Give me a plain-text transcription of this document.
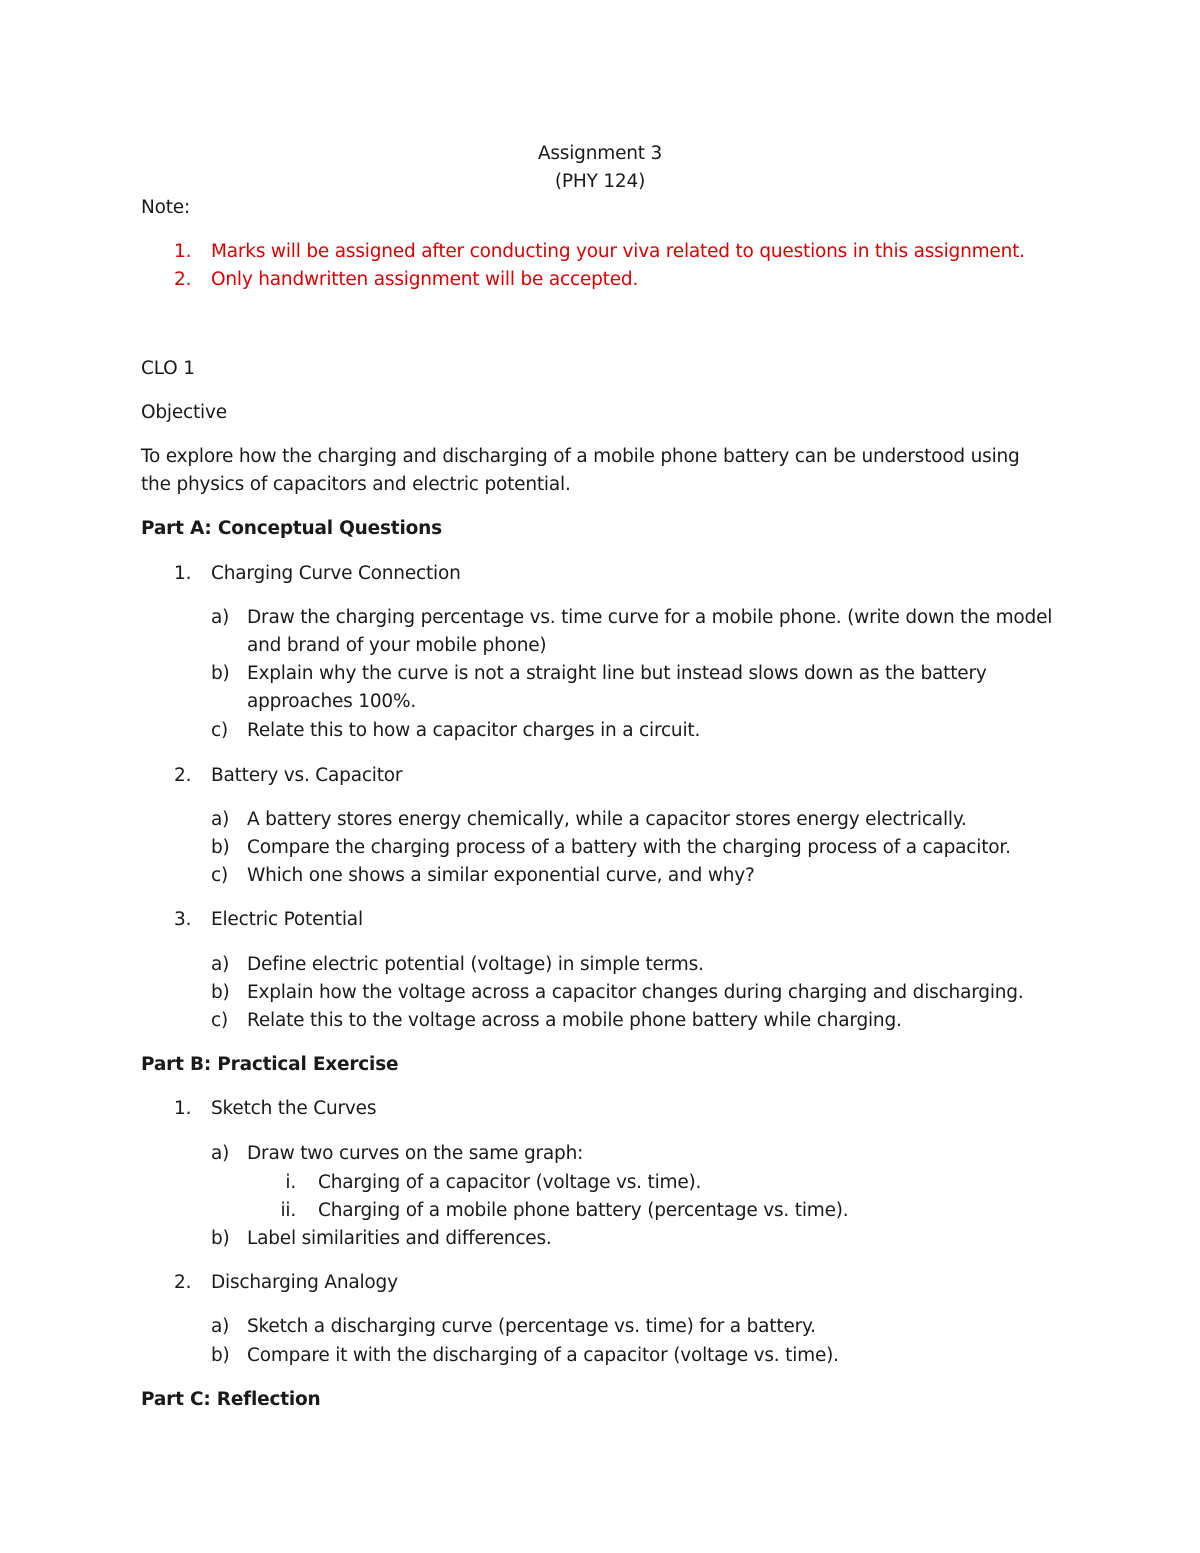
Assignment 3
(PHY 124)
Note:
1. Marks will be assigned after conducting your viva related to questions in this assignment.
2. Only handwritten assignment will be accepted.
CLO 1
Objective
To explore how the charging and discharging of a mobile phone battery can be understood using
the physics of capacitors and electric potential.
Part A: Conceptual Questions
1. Charging Curve Connection
a) Draw the charging percentage vs. time curve for a mobile phone. (write down the model
and brand of your mobile phone)
b) Explain why the curve is not a straight line but instead slows down as the battery
approaches 100%.
c) Relate this to how a capacitor charges in a circuit.
2. Battery vs. Capacitor
a) A battery stores energy chemically, while a capacitor stores energy electrically.
b) Compare the charging process of a battery with the charging process of a capacitor.
c) Which one shows a similar exponential curve, and why?
3. Electric Potential
a) Define electric potential (voltage) in simple terms.
b) Explain how the voltage across a capacitor changes during charging and discharging.
c) Relate this to the voltage across a mobile phone battery while charging.
Part B: Practical Exercise
1. Sketch the Curves
a) Draw two curves on the same graph:
i. Charging of a capacitor (voltage vs. time).
ii. Charging of a mobile phone battery (percentage vs. time).
b) Label similarities and differences.
2. Discharging Analogy
a) Sketch a discharging curve (percentage vs. time) for a battery.
b) Compare it with the discharging of a capacitor (voltage vs. time).
Part C: Reflection
